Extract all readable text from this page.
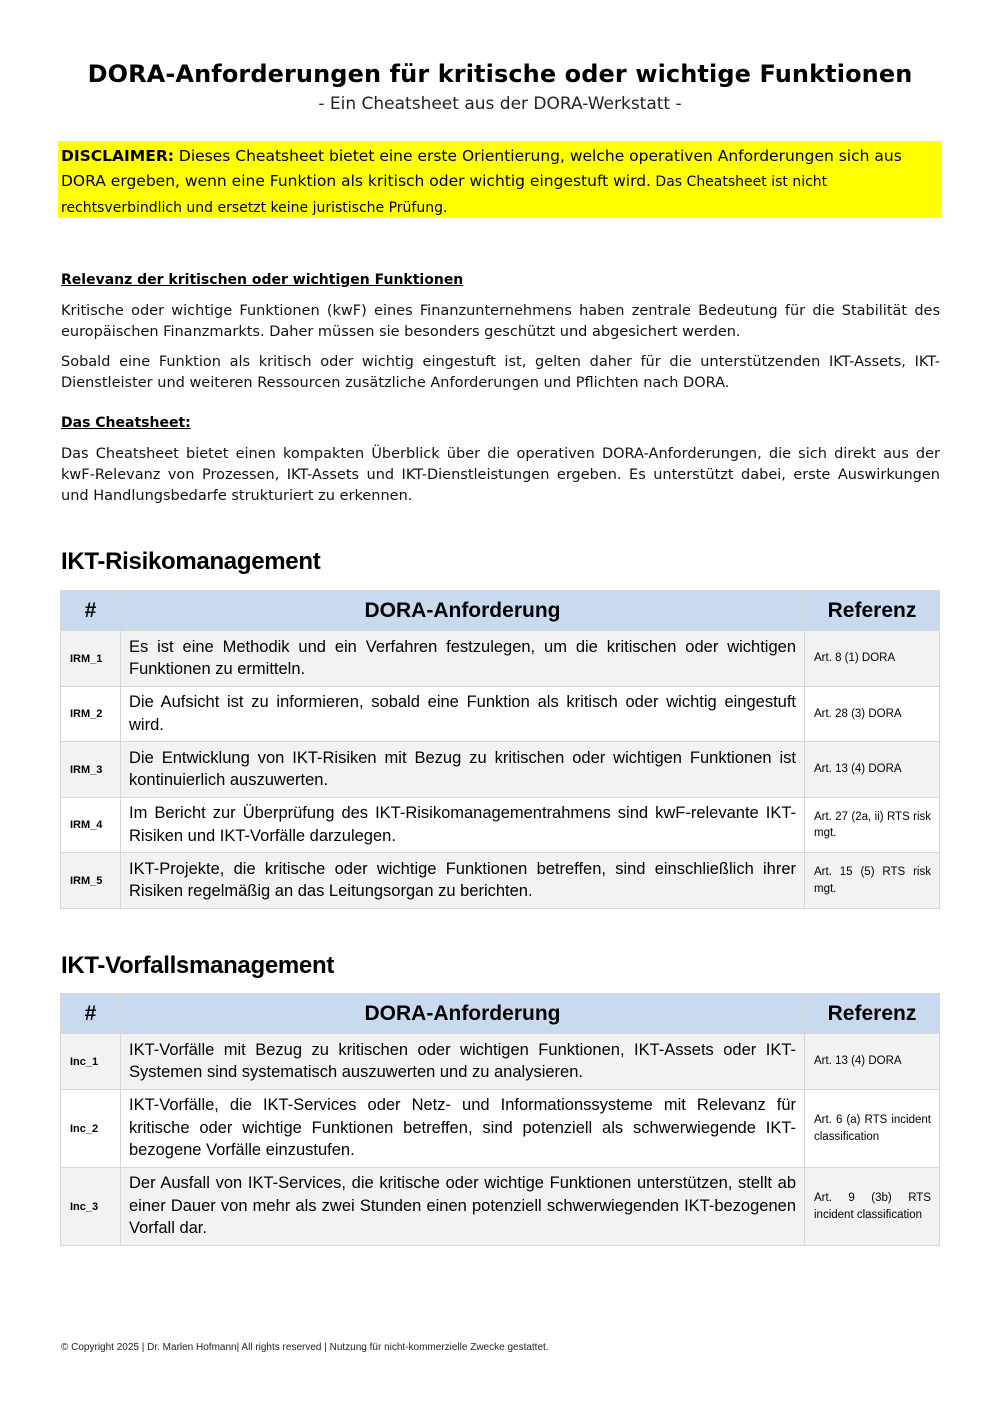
DORA-Anforderungen für kritische oder wichtige Funktionen
- Ein Cheatsheet aus der DORA-Werkstatt -
DISCLAIMER: Dieses Cheatsheet bietet eine erste Orientierung, welche operativen Anforderungen sich aus DORA ergeben, wenn eine Funktion als kritisch oder wichtig eingestuft wird. Das Cheatsheet ist nicht rechtsverbindlich und ersetzt keine juristische Prüfung.
Relevanz der kritischen oder wichtigen Funktionen
Kritische oder wichtige Funktionen (kwF) eines Finanzunternehmens haben zentrale Bedeutung für die Stabilität des europäischen Finanzmarkts. Daher müssen sie besonders geschützt und abgesichert werden.
Sobald eine Funktion als kritisch oder wichtig eingestuft ist, gelten daher für die unterstützenden IKT-Assets, IKT-Dienstleister und weiteren Ressourcen zusätzliche Anforderungen und Pflichten nach DORA.
Das Cheatsheet:
Das Cheatsheet bietet einen kompakten Überblick über die operativen DORA-Anforderungen, die sich direkt aus der kwF-Relevanz von Prozessen, IKT-Assets und IKT-Dienstleistungen ergeben. Es unterstützt dabei, erste Auswirkungen und Handlungsbedarfe strukturiert zu erkennen.
IKT-Risikomanagement
#	DORA-Anforderung	Referenz
IRM_1	Es ist eine Methodik und ein Verfahren festzulegen, um die kritischen oder wichtigen Funktionen zu ermitteln.	Art. 8 (1) DORA
IRM_2	Die Aufsicht ist zu informieren, sobald eine Funktion als kritisch oder wichtig eingestuft wird.	Art. 28 (3) DORA
IRM_3	Die Entwicklung von IKT-Risiken mit Bezug zu kritischen oder wichtigen Funktionen ist kontinuierlich auszuwerten.	Art. 13 (4) DORA
IRM_4	Im Bericht zur Überprüfung des IKT-Risikomanagementrahmens sind kwF-relevante IKT-Risiken und IKT-Vorfälle darzulegen.	Art. 27 (2a, ii) RTS risk mgt.
IRM_5	IKT-Projekte, die kritische oder wichtige Funktionen betreffen, sind einschließlich ihrer Risiken regelmäßig an das Leitungsorgan zu berichten.	Art. 15 (5) RTS risk mgt.
IKT-Vorfallsmanagement
#	DORA-Anforderung	Referenz
Inc_1	IKT-Vorfälle mit Bezug zu kritischen oder wichtigen Funktionen, IKT-Assets oder IKT-Systemen sind systematisch auszuwerten und zu analysieren.	Art. 13 (4) DORA
Inc_2	IKT-Vorfälle, die IKT-Services oder Netz- und Informationssysteme mit Relevanz für kritische oder wichtige Funktionen betreffen, sind potenziell als schwerwiegende IKT-bezogene Vorfälle einzustufen.	Art. 6 (a) RTS incident classification
Inc_3	Der Ausfall von IKT-Services, die kritische oder wichtige Funktionen unterstützen, stellt ab einer Dauer von mehr als zwei Stunden einen potenziell schwerwiegenden IKT-bezogenen Vorfall dar.	Art. 9 (3b) RTS incident classification
© Copyright 2025 | Dr. Marlen Hofmann| All rights reserved | Nutzung für nicht-kommerzielle Zwecke gestattet.
